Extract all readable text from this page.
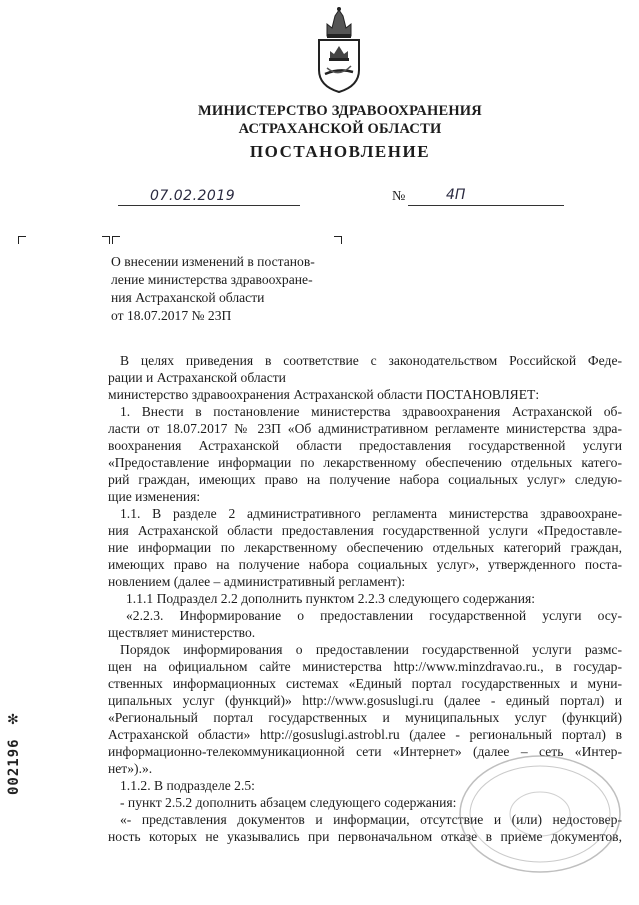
МИНИСТЕРСТВО ЗДРАВООХРАНЕНИЯ
АСТРАХАНСКОЙ ОБЛАСТИ
ПОСТАНОВЛЕНИЕ
07.02.2019	№	4П
О внесении изменений в постанов-
ление министерства здравоохране-
ния Астраханской области
от 18.07.2017 № 23П
В целях приведения в соответствие с законодательством Российской Феде-
рации и Астраханской области
министерство здравоохранения Астраханской области ПОСТАНОВЛЯЕТ:
1. Внести в постановление министерства здравоохранения Астраханской об-
ласти от 18.07.2017 № 23П «Об административном регламенте министерства здра-
воохранения Астраханской области предоставления государственной услуги
«Предоставление информации по лекарственному обеспечению отдельных катего-
рий граждан, имеющих право на получение набора социальных услуг» следую-
щие изменения:
1.1. В разделе 2 административного регламента министерства здравоохране-
ния Астраханской области предоставления государственной услуги «Предоставле-
ние информации по лекарственному обеспечению отдельных категорий граждан,
имеющих право на получение набора социальных услуг», утвержденного поста-
новлением (далее – административный регламент):
1.1.1 Подраздел 2.2 дополнить пунктом 2.2.3 следующего содержания:
«2.2.3. Информирование о предоставлении государственной услуги осу-
ществляет министерство.
Порядок информирования о предоставлении государственной услуги размс-
щен на официальном сайте министерства http://www.minzdravao.ru., в государ-
ственных информационных системах «Единый портал государственных и муни-
ципальных услуг (функций)» http://www.gosuslugi.ru (далее - единый портал) и
«Региональный портал государственных и муниципальных услуг (функций)
Астраханской области» http://gosuslugi.astrobl.ru (далее - региональный портал) в
информационно-телекоммуникационной сети «Интернет» (далее – сеть «Интер-
нет»).».
1.1.2. В подразделе 2.5:
- пункт 2.5.2 дополнить абзацем следующего содержания:
«- представления документов и информации, отсутствие и (или) недостовер-
ность которых не указывались при первоначальном отказе в приеме документов,
✻
002196
